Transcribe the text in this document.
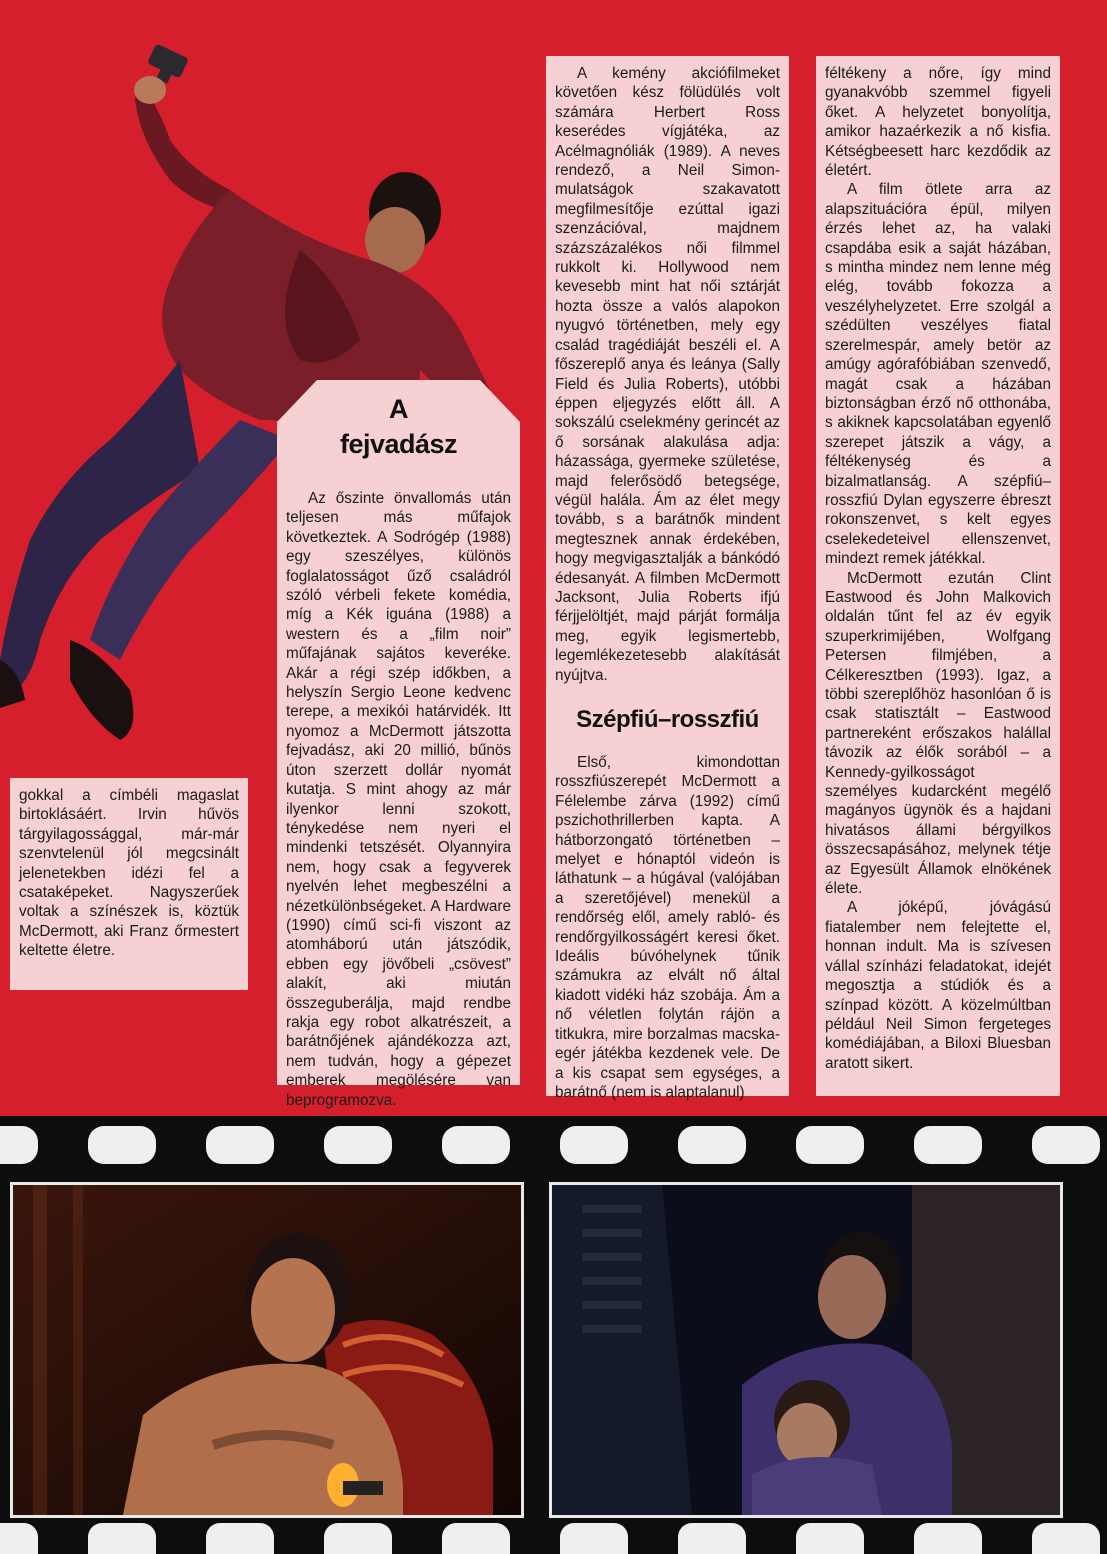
gokkal a címbéli magaslat birtoklásáért. Irvin hűvös tárgyilagossággal, már-már szenvtelenül jól megcsinált jelenetekben idézi fel a csataképeket. Nagyszerűek voltak a színészek is, köztük McDermott, aki Franz őrmestert keltette életre.

Az őszinte önvallomás után teljesen más műfajok következtek. A Sodrógép (1988) egy szeszélyes, különös foglalatosságot űző családról szóló vérbeli fekete komédia, míg a Kék iguána (1988) a western és a „film noir” műfajának sajátos keveréke. Akár a régi szép időkben, a helyszín Sergio Leone kedvenc terepe, a mexikói határvidék. Itt nyomoz a McDermott játszotta fejvadász, aki 20 millió, bűnös úton szerzett dollár nyomát kutatja. S mint ahogy az már ilyenkor lenni szokott, ténykedése nem nyeri el mindenki tetszését. Olyannyira nem, hogy csak a fegyverek nyelvén lehet megbeszélni a nézetkülönbségeket. A Hardware (1990) című sci-fi viszont az atomháború után játszódik, ebben egy jövőbeli „csövest” alakít, aki miután összeguberálja, majd rendbe rakja egy robot alkatrészeit, a barátnőjének ajándékozza azt, nem tudván, hogy a gépezet emberek megölésére van beprogramozva.

A
fejvadász

A kemény akciófilmeket követően kész fölüdülés volt számára Herbert Ross keserédes vígjátéka, az Acélmagnóliák (1989). A neves rendező, a Neil Simon-mulatságok szakavatott megfilmesítője ezúttal igazi szenzációval, majdnem százszázalékos női filmmel rukkolt ki. Hollywood nem kevesebb mint hat női sztárját hozta össze a valós alapokon nyugvó történetben, mely egy család tragédiáját beszéli el. A főszereplő anya és leánya (Sally Field és Julia Roberts), utóbbi éppen eljegyzés előtt áll. A sokszálú cselekmény gerincét az ő sorsának alakulása adja: házassága, gyermeke születése, majd felerősödő betegsége, végül halála. Ám az élet megy tovább, s a barátnők mindent megtesznek annak érdekében, hogy megvigasztalják a bánkódó édesanyát. A filmben McDermott Jacksont, Julia Roberts ifjú férjjelöltjét, majd párját formálja meg, egyik legismertebb, legemlékezetesebb alakítását nyújtva.

Szépfiú–rosszfiú

Első, kimondottan rosszfiúszerepét McDermott a Félelembe zárva (1992) című pszichothrillerben kapta. A hátborzongató történetben – melyet e hónaptól videón is láthatunk – a húgával (valójában a szeretőjével) menekül a rendőrség elől, amely rabló- és rendőrgyilkosságért keresi őket. Ideális búvóhelynek tűnik számukra az elvált nő által kiadott vidéki ház szobája. Ám a nő véletlen folytán rájön a titkukra, mire borzalmas macska-egér játékba kezdenek vele. De a kis csapat sem egységes, a barátnő (nem is alaptalanul)

féltékeny a nőre, így mind gyanakvóbb szemmel figyeli őket. A helyzetet bonyolítja, amikor hazaérkezik a nő kisfia. Kétségbeesett harc kezdődik az életért.

A film ötlete arra az alapszituációra épül, milyen érzés lehet az, ha valaki csapdába esik a saját házában, s mintha mindez nem lenne még elég, tovább fokozza a veszélyhelyzetet. Erre szolgál a szédülten veszélyes fiatal szerelmespár, amely betör az amúgy agórafóbiában szenvedő, magát csak a házában biztonságban érző nő otthonába, s akiknek kapcsolatában egyenlő szerepet játszik a vágy, a féltékenység és a bizalmatlanság. A szépfiú–rosszfiú Dylan egyszerre ébreszt rokonszenvet, s kelt egyes cselekedeteivel ellenszenvet, mindezt remek játékkal.

McDermott ezután Clint Eastwood és John Malkovich oldalán tűnt fel az év egyik szuperkrimijében, Wolfgang Petersen filmjében, a Célkeresztben (1993). Igaz, a többi szereplőhöz hasonlóan ő is csak statisztált – Eastwood partnereként erőszakos halállal távozik az élők sorából – a Kennedy-gyilkosságot személyes kudarcként megélő magányos ügynök és a hajdani hivatásos állami bérgyilkos összecsapásához, melynek tétje az Egyesült Államok elnökének élete.

A jóképű, jóvágású fiatalember nem felejtette el, honnan indult. Ma is szívesen vállal színházi feladatokat, idejét megosztja a stúdiók és a színpad között. A közelmúltban például Neil Simon fergeteges komédiájában, a Biloxi Bluesban aratott sikert.
